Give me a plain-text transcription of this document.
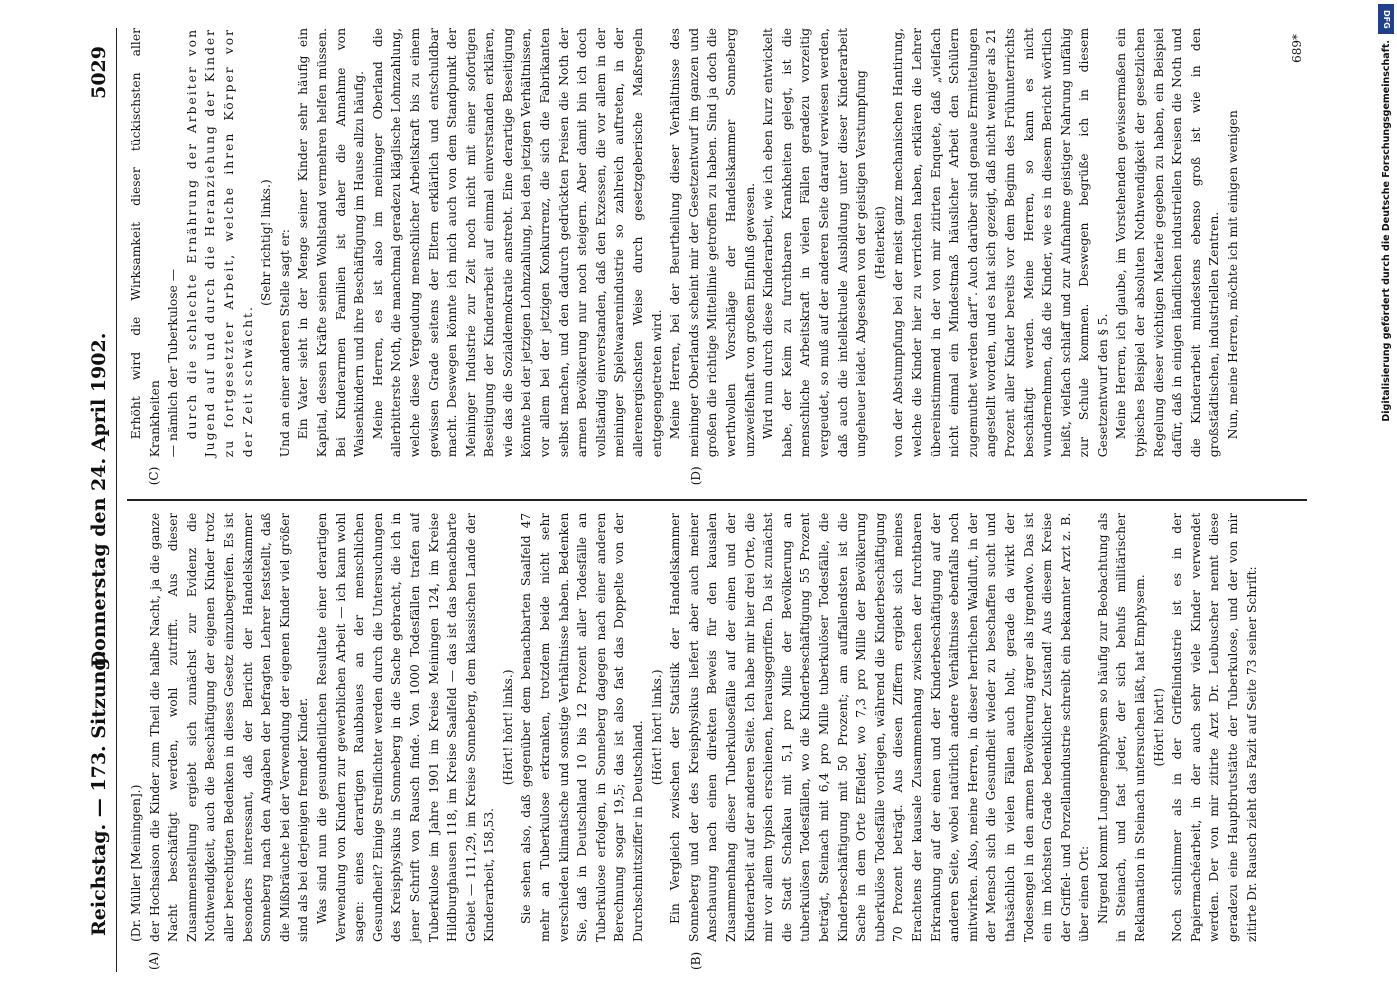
Reichstag. — 173. Sitzung.
Donnerstag den 24. April 1902.
5029
(A)	(B)

(Dr. Müller [Meiningen].) der Hochsaison die Kinder zum Theil die halbe Nacht, ja die ganze Nacht beschäftigt werden, wohl zutrifft. Aus dieser Zusammenstellung ergiebt sich zunächst zur Evidenz die Nothwendigkeit, auch die Beschäftigung der eigenen Kinder trotz aller berechtigten Bedenken in dieses Gesetz einzubegreifen. Es ist besonders interessant, daß der Bericht der Handelskammer Sonneberg nach den Angaben der befragten Lehrer feststellt, daß die Mißbräuche bei der Verwendung der eigenen Kinder viel größer sind als bei derjenigen fremder Kinder. Was sind nun die gesundheitlichen Resultate einer derartigen Verwendung von Kindern zur gewerblichen Arbeit — ich kann wohl sagen: eines derartigen Raubbaues an der menschlichen Gesundheit? Einige Streiflichter werden durch die Untersuchungen des Kreisphysikus in Sonneberg in die Sache gebracht, die ich in jener Schrift von Rausch finde. Von 1000 Todesfällen trafen auf Tuberkulose im Jahre 1901 im Kreise Meiningen 124, im Kreise Hildburghausen 118, im Kreise Saalfeld — das ist das benachbarte Gebiet — 111,29, im Kreise Sonneberg, dem klassischen Lande der Kinderarbeit, 158,53.

(Hört! hört! links.) Sie sehen also, daß gegenüber dem benachbarten Saalfeld 47 mehr an Tuberkulose erkranken, trotzdem beide nicht sehr verschieden klimatische und sonstige Verhältnisse haben. Bedenken Sie, daß in Deutschland 10 bis 12 Prozent aller Todesfälle an Tuberkulose erfolgen, in Sonneberg dagegen nach einer anderen Berechnung sogar 19,5; das ist also fast das Doppelte von der Durchschnittsziffer in Deutschland. (Hört! hört! links.) Ein Vergleich zwischen der Statistik der Handelskammer Sonneberg und der des Kreisphysikus liefert aber auch meiner Anschauung nach einen direkten Beweis für den kausalen Zusammenhang dieser Tuberkulosefälle auf der einen und der Kinderarbeit auf der anderen Seite. Ich habe mir hier drei Orte, die mir vor allem typisch erschienen, herausgegriffen. Da ist zunächst die Stadt Schalkau mit 5,1 pro Mille der Bevölkerung an tuberkulösen Todesfällen, wo die Kinderbeschäftigung 55 Prozent beträgt, Steinach mit 6,4 pro Mille tuberkulöser Todesfälle, die Kinderbeschäftigung mit 50 Prozent; am auffallendsten ist die Sache in dem Orte Effelder, wo 7,3 pro Mille der Bevölkerung tuberkulöse Todesfälle vorliegen, während die Kinderbeschäftigung 70 Prozent beträgt. Aus diesen Ziffern ergiebt sich meines Erachtens der kausale Zusammenhang zwischen der furchtbaren Erkrankung auf der einen und der Kinderbeschäftigung auf der anderen Seite, wobei natürlich andere Verhältnisse ebenfalls noch mitwirken. Also, meine Herren, in dieser herrlichen Waldluft, in der der Mensch sich die Gesundheit wieder zu beschaffen sucht und thatsächlich in vielen Fällen auch holt, gerade da wirkt der Todesengel in den armen Bevölkerung ärger als irgendwo. Das ist ein im höchsten Grade bedenklicher Zustand! Aus diesem Kreise der Griffel- und Porzellanindustrie schreibt ein bekannter Arzt z. B. über einen Ort: Nirgend kommt Lungenemphysem so häufig zur Beobachtung als in Steinach, und fast jeder, der sich behufs militärischer Reklamation in Steinach untersuchen läßt, hat Emphysem. (Hört! hört!) Noch schlimmer als in der Griffelindustrie ist es in der Papiermachéarbeit, in der auch sehr viele Kinder verwendet werden. Der von mir zitirte Arzt Dr. Leubuscher nennt diese geradezu eine Hauptbrutstätte der Tuberkulose, und der von mir zitirte Dr. Rausch zieht das Fazit auf Seite 73 seiner Schrift:

(C)	(D)

Erhöht wird die Wirksamkeit dieser tückischsten aller Krankheiten — nämlich der Tuberkulose — durch die schlechte Ernährung der Arbeiter von Jugend auf und durch die Heranziehung der Kinder zu fortgesetzter Arbeit, welche ihren Körper vor der Zeit schwächt.

(Sehr richtig! links.) Und an einer anderen Stelle sagt er: Ein Vater sieht in der Menge seiner Kinder sehr häufig ein Kapital, dessen Kräfte seinen Wohlstand vermehren helfen müssen. Bei Kinderarmen Familien ist daher die Annahme von Waisenkindern und ihre Beschäftigung im Hause allzu häufig. Meine Herren, es ist also im meininger Oberland die allerbitterste Noth, die manchmal geradezu kläglische Lohnzahlung, welche diese Vergeudung menschlicher Arbeitskraft bis zu einem gewissen Grade seitens der Eltern erklärlich und entschuldbar macht. Deswegen könnte ich mich auch von dem Standpunkt der Meininger Industrie zur Zeit noch nicht mit einer sofortigen Beseitigung der Kinderarbeit auf einmal einverstanden erklären, wie das die Sozialdemokratie anstrebt. Eine derartige Beseitigung könnte bei der jetzigen Lohnzahlung, bei den jetzigen Verhältnissen, vor allem bei der jetzigen Konkurrenz, die sich die Fabrikanten selbst machen, und den dadurch gedrückten Preisen die Noth der armen Bevölkerung nur noch steigern. Aber damit bin ich doch vollständig einverstanden, daß den Exzessen, die vor allem in der meininger Spielwaarenindustrie so zahlreich auftreten, in der allerenergischsten Weise durch gesetzgeberische Maßregeln entgegengetreten wird. Meine Herren, bei der Beurtheilung dieser Verhältnisse des meininger Oberlands scheint mir der Gesetzentwurf im ganzen und großen die richtige Mittellinie getroffen zu haben. Sind ja doch die werthvollen Vorschläge der Handelskammer Sonneberg unzweifelhaft von großem Einfluß gewesen. Wird nun durch diese Kinderarbeit, wie ich eben kurz entwickelt habe, der Keim zu furchtbaren Krankheiten gelegt, ist die menschliche Arbeitskraft in vielen Fällen geradezu vorzeitig vergeudet, so muß auf der anderen Seite darauf verwiesen werden, daß auch die intellektuelle Ausbildung unter dieser Kinderarbeit ungeheuer leidet. Abgesehen von der geistigen Verstumpfung (Heiterkeit) von der Abstumpfung bei der meist ganz mechanischen Hantirung, welche die Kinder hier zu verrichten haben, erklären die Lehrer übereinstimmend in der von mir zitirten Enquete, daß „vielfach nicht einmal ein Mindestmaß häuslicher Arbeit den Schülern zugemuthet werden darf“. Auch darüber sind genaue Ermittelungen angestellt worden, und es hat sich gezeigt, daß nicht weniger als 21 Prozent aller Kinder bereits vor dem Beginn des Frühunterrichts beschäftigt werden. Meine Herren, so kann es nicht wundernehmen, daß die Kinder, wie es in diesem Bericht wörtlich heißt, vielfach schlaff und zur Aufnahme geistiger Nahrung unfähig zur Schule kommen. Deswegen begrüße ich in diesem Gesetzentwurf den § 5. Meine Herren, ich glaube, im Vorstehenden gewissermaßen ein typisches Beispiel der absoluten Nothwendigkeit der gesetzlichen Regelung dieser wichtigen Materie gegeben zu haben, ein Beispiel dafür, daß in einigen ländlichen industriellen Kreisen die Noth und die Kinderarbeit mindestens ebenso groß ist wie in den großstädtischen, industriellen Zentren. Nun, meine Herren, möchte ich mit einigen wenigen

689*
DFG
Digitalisierung gefördert durch die Deutsche Forschungsgemeinschaft.
